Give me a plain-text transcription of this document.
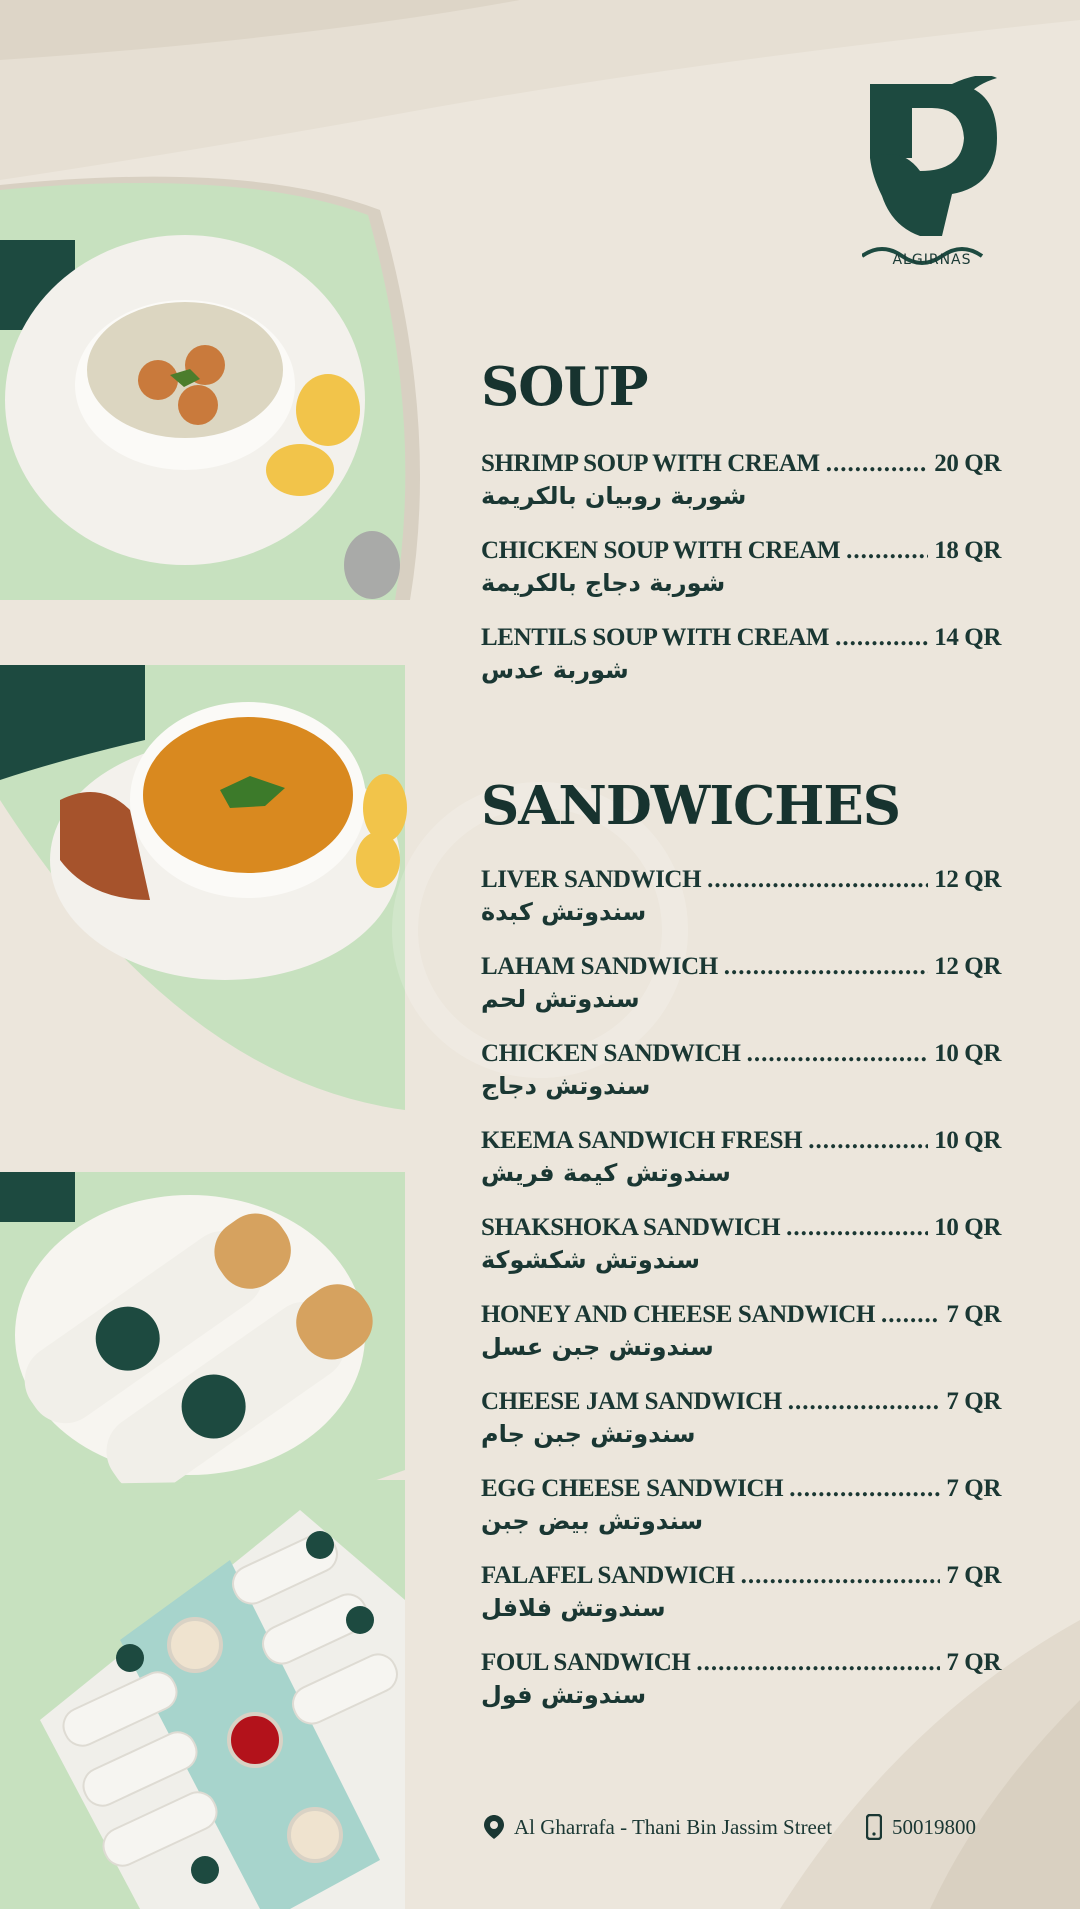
ALGIRNAS
SOUP
SHRIMP SOUP WITH CREAM .....	20 QR
شوربة روبيان بالكريمة
CHICKEN SOUP WITH CREAM .....	18 QR
شوربة دجاج بالكريمة
LENTILS SOUP WITH CREAM .....	14 QR
شوربة عدس
SANDWICHES
LIVER SANDWICH .....	12 QR
سندوتش كبدة
LAHAM SANDWICH .....	12 QR
سندوتش لحم
CHICKEN SANDWICH .....	10 QR
سندوتش دجاج
KEEMA SANDWICH FRESH .....	10 QR
سندوتش كيمة فريش
SHAKSHOKA SANDWICH .....	10 QR
سندوتش شكشوكة
HONEY AND CHEESE SANDWICH .....	7 QR
سندوتش جبن عسل
CHEESE JAM SANDWICH .....	7 QR
سندوتش جبن جام
EGG CHEESE SANDWICH .....	7 QR
سندوتش بيض جبن
FALAFEL SANDWICH .....	7 QR
سندوتش فلافل
FOUL SANDWICH .....	7 QR
سندوتش فول
Al Gharrafa - Thani Bin Jassim Street	50019800
